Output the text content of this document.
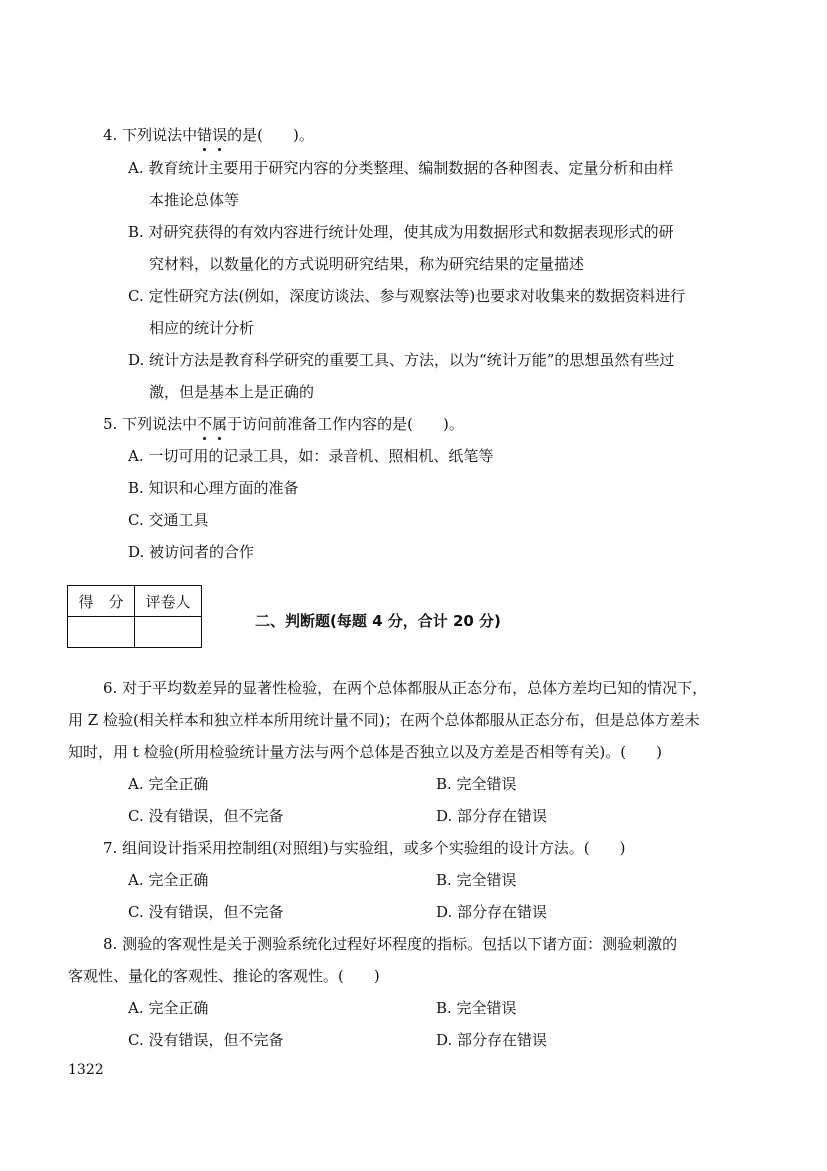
4. 下列说法中错误的是(　　)。
A. 教育统计主要用于研究内容的分类整理、编制数据的各种图表、定量分析和由样
本推论总体等
B. 对研究获得的有效内容进行统计处理，使其成为用数据形式和数据表现形式的研
究材料，以数量化的方式说明研究结果，称为研究结果的定量描述
C. 定性研究方法(例如，深度访谈法、参与观察法等)也要求对收集来的数据资料进行
相应的统计分析
D. 统计方法是教育科学研究的重要工具、方法，以为“统计万能”的思想虽然有些过
激，但是基本上是正确的
5. 下列说法中不属于访问前准备工作内容的是(　　)。
A. 一切可用的记录工具，如：录音机、照相机、纸笔等
B. 知识和心理方面的准备
C. 交通工具
D. 被访问者的合作
得　分	评卷人

二、判断题(每题 4 分，合计 20 分)
6. 对于平均数差异的显著性检验，在两个总体都服从正态分布，总体方差均已知的情况下，
用 Z 检验(相关样本和独立样本所用统计量不同)；在两个总体都服从正态分布，但是总体方差未
知时，用 t 检验(所用检验统计量方法与两个总体是否独立以及方差是否相等有关)。(　　)
A. 完全正确	B. 完全错误
C. 没有错误，但不完备	D. 部分存在错误
7. 组间设计指采用控制组(对照组)与实验组，或多个实验组的设计方法。(　　)
A. 完全正确	B. 完全错误
C. 没有错误，但不完备	D. 部分存在错误
8. 测验的客观性是关于测验系统化过程好坏程度的指标。包括以下诸方面：测验刺激的
客观性、量化的客观性、推论的客观性。(　　)
A. 完全正确	B. 完全错误
C. 没有错误，但不完备	D. 部分存在错误
1322
